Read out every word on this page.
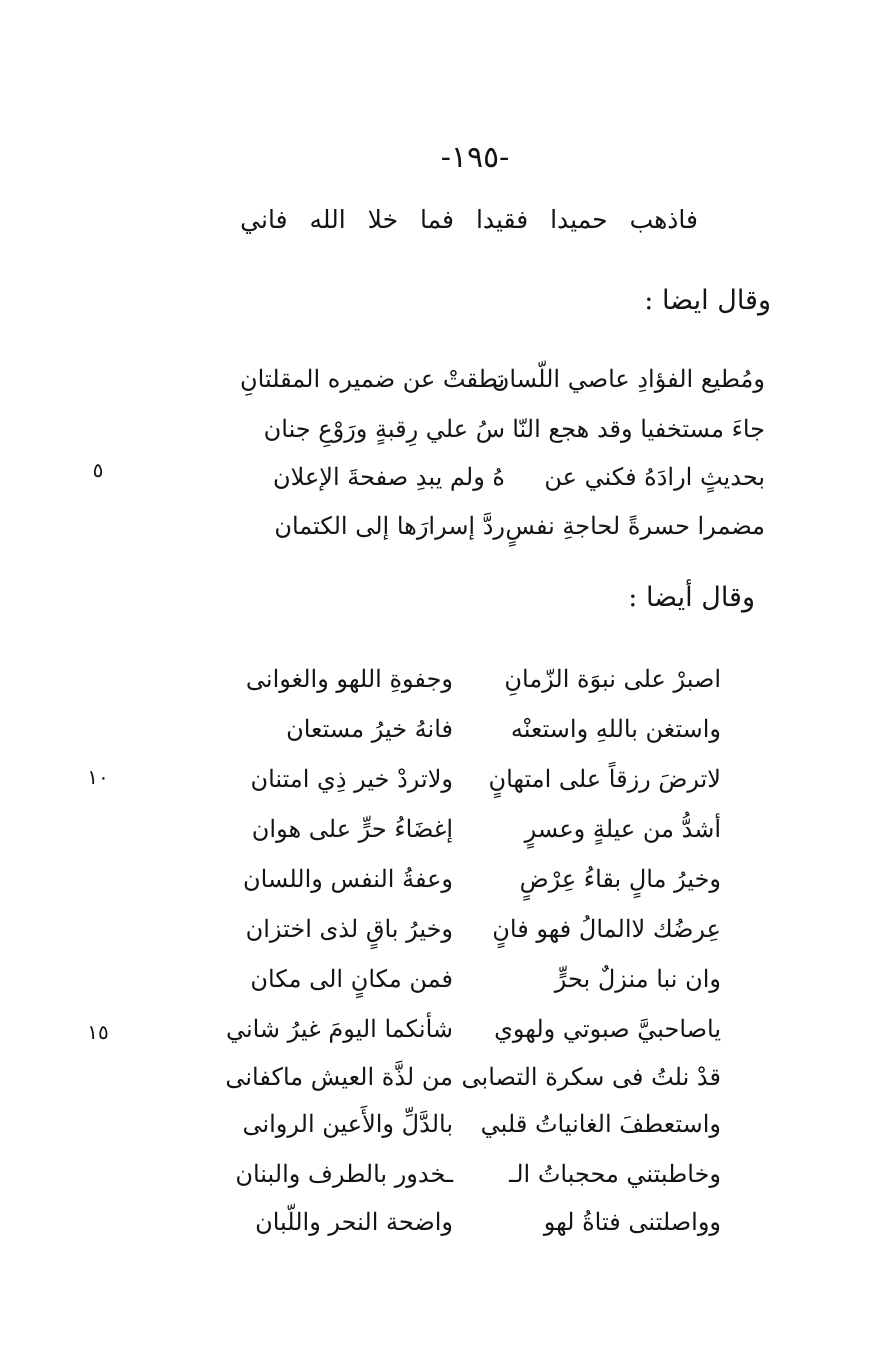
-١٩٥-
فاذهب حميدا فقيدا فما خلا الله فاني
وقال ايضا :
ومُطيع الفؤادِ عاصي اللّسان
نطقتْ عن ضميره المقلتانِ
جاءَ مستخفيا وقد هجع النّا
سُ علي رِقبةٍ ورَوْعِ جنان
بحديثٍ ارادَهُ فكني عن
هُ ولم يبدِ صفحةَ الإعلان
مضمرا حسرةً لحاجةِ نفسٍ
ردَّ إسرارَها إلى الكتمان
وقال أيضا :
اصبرْ على نبوَة الزّمانِ
وجفوةِ اللهو والغوانى
واستغن باللهِ واستعنْه
فانهُ خيرُ مستعان
لاترضَ رزقاً على امتهانٍ
ولاتردْ خير ذِي امتنان
أشدُّ من عيلةٍ وعسرٍ
إغضَاءُ حرٍّ على هوان
وخيرُ مالٍ بقاءُ عِرْضٍ
وعفةُ النفس واللسان
عِرضُك لاالمالُ فهو فانٍ
وخيرُ باقٍ لذى اختزان
وان نبا منزلٌ بحرٍّ
فمن مكانٍ الى مكان
ياصاحبيَّ صبوتي ولهوي
شأنكما اليومَ غيرُ شاني
قدْ نلتُ فى سكرة التصابى
من لذَّة العيش ماكفانى
واستعطفَ الغانياتُ قلبي
بالدَّلِّ والأَعين الروانى
وخاطبتني محجباتُ الـ
ـخدور بالطرف والبنان
وواصلتنى فتاةُ لهو
واضحة النحر واللّبان
٥
١٠
١٥
